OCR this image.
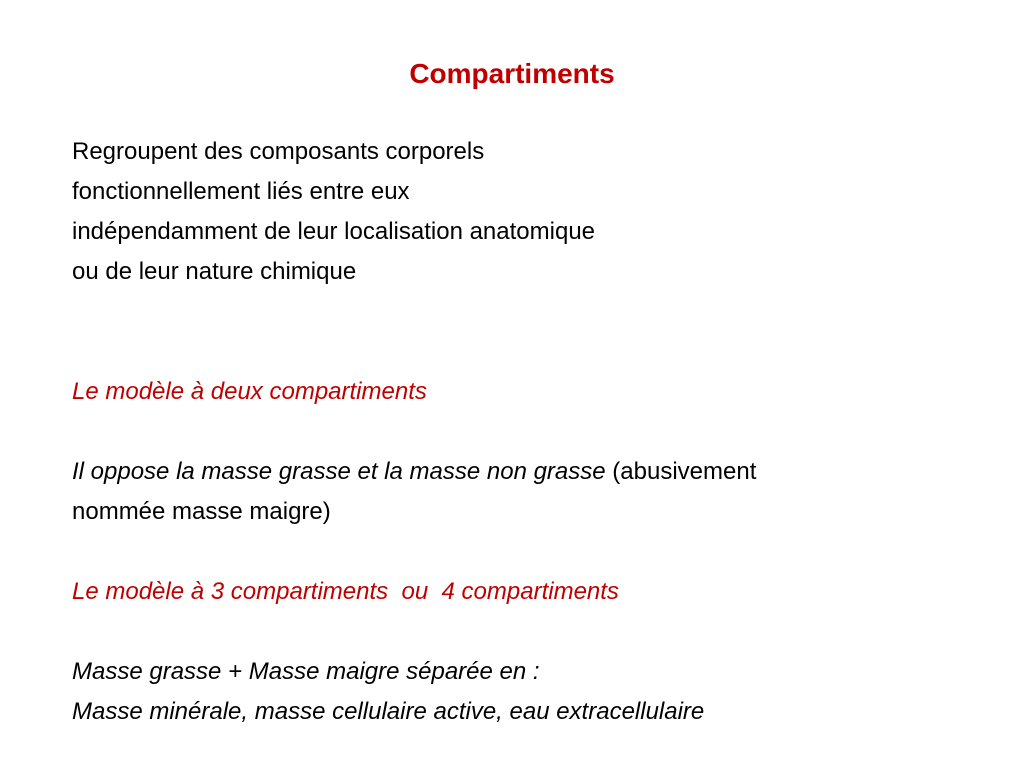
Compartiments
Regroupent des composants corporels
fonctionnellement liés entre eux
indépendamment de leur localisation anatomique
ou de leur nature chimique
Le modèle à deux compartiments
Il oppose la masse grasse et la masse non grasse (abusivement
nommée masse maigre)
Le modèle à 3 compartiments  ou  4 compartiments
Masse grasse + Masse maigre séparée en :
Masse minérale, masse cellulaire active, eau extracellulaire
